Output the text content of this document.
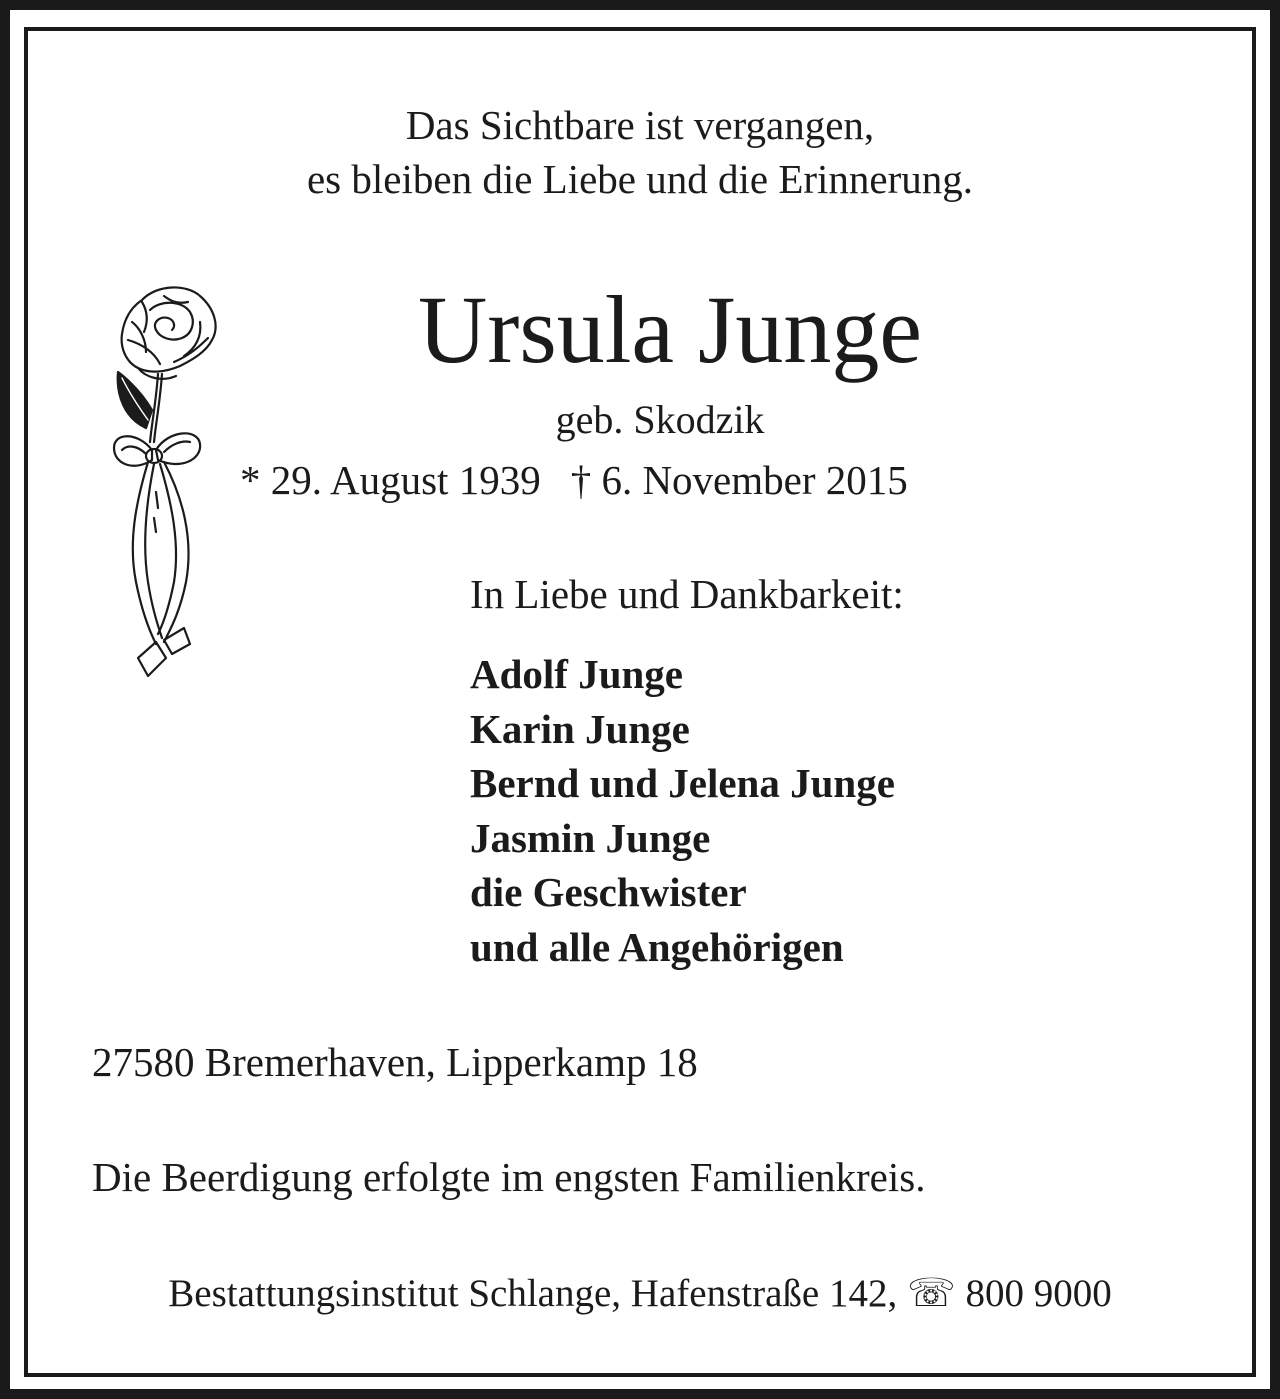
Das Sichtbare ist vergangen,
es bleiben die Liebe und die Erinnerung.
Ursula Junge
geb. Skodzik
* 29. August 1939 † 6. November 2015
In Liebe und Dankbarkeit:
Adolf Junge
Karin Junge
Bernd und Jelena Junge
Jasmin Junge
die Geschwister
und alle Angehörigen
27580 Bremerhaven, Lipperkamp 18
Die Beerdigung erfolgte im engsten Familienkreis.
Bestattungsinstitut Schlange, Hafenstraße 142, ☏ 800 9000
